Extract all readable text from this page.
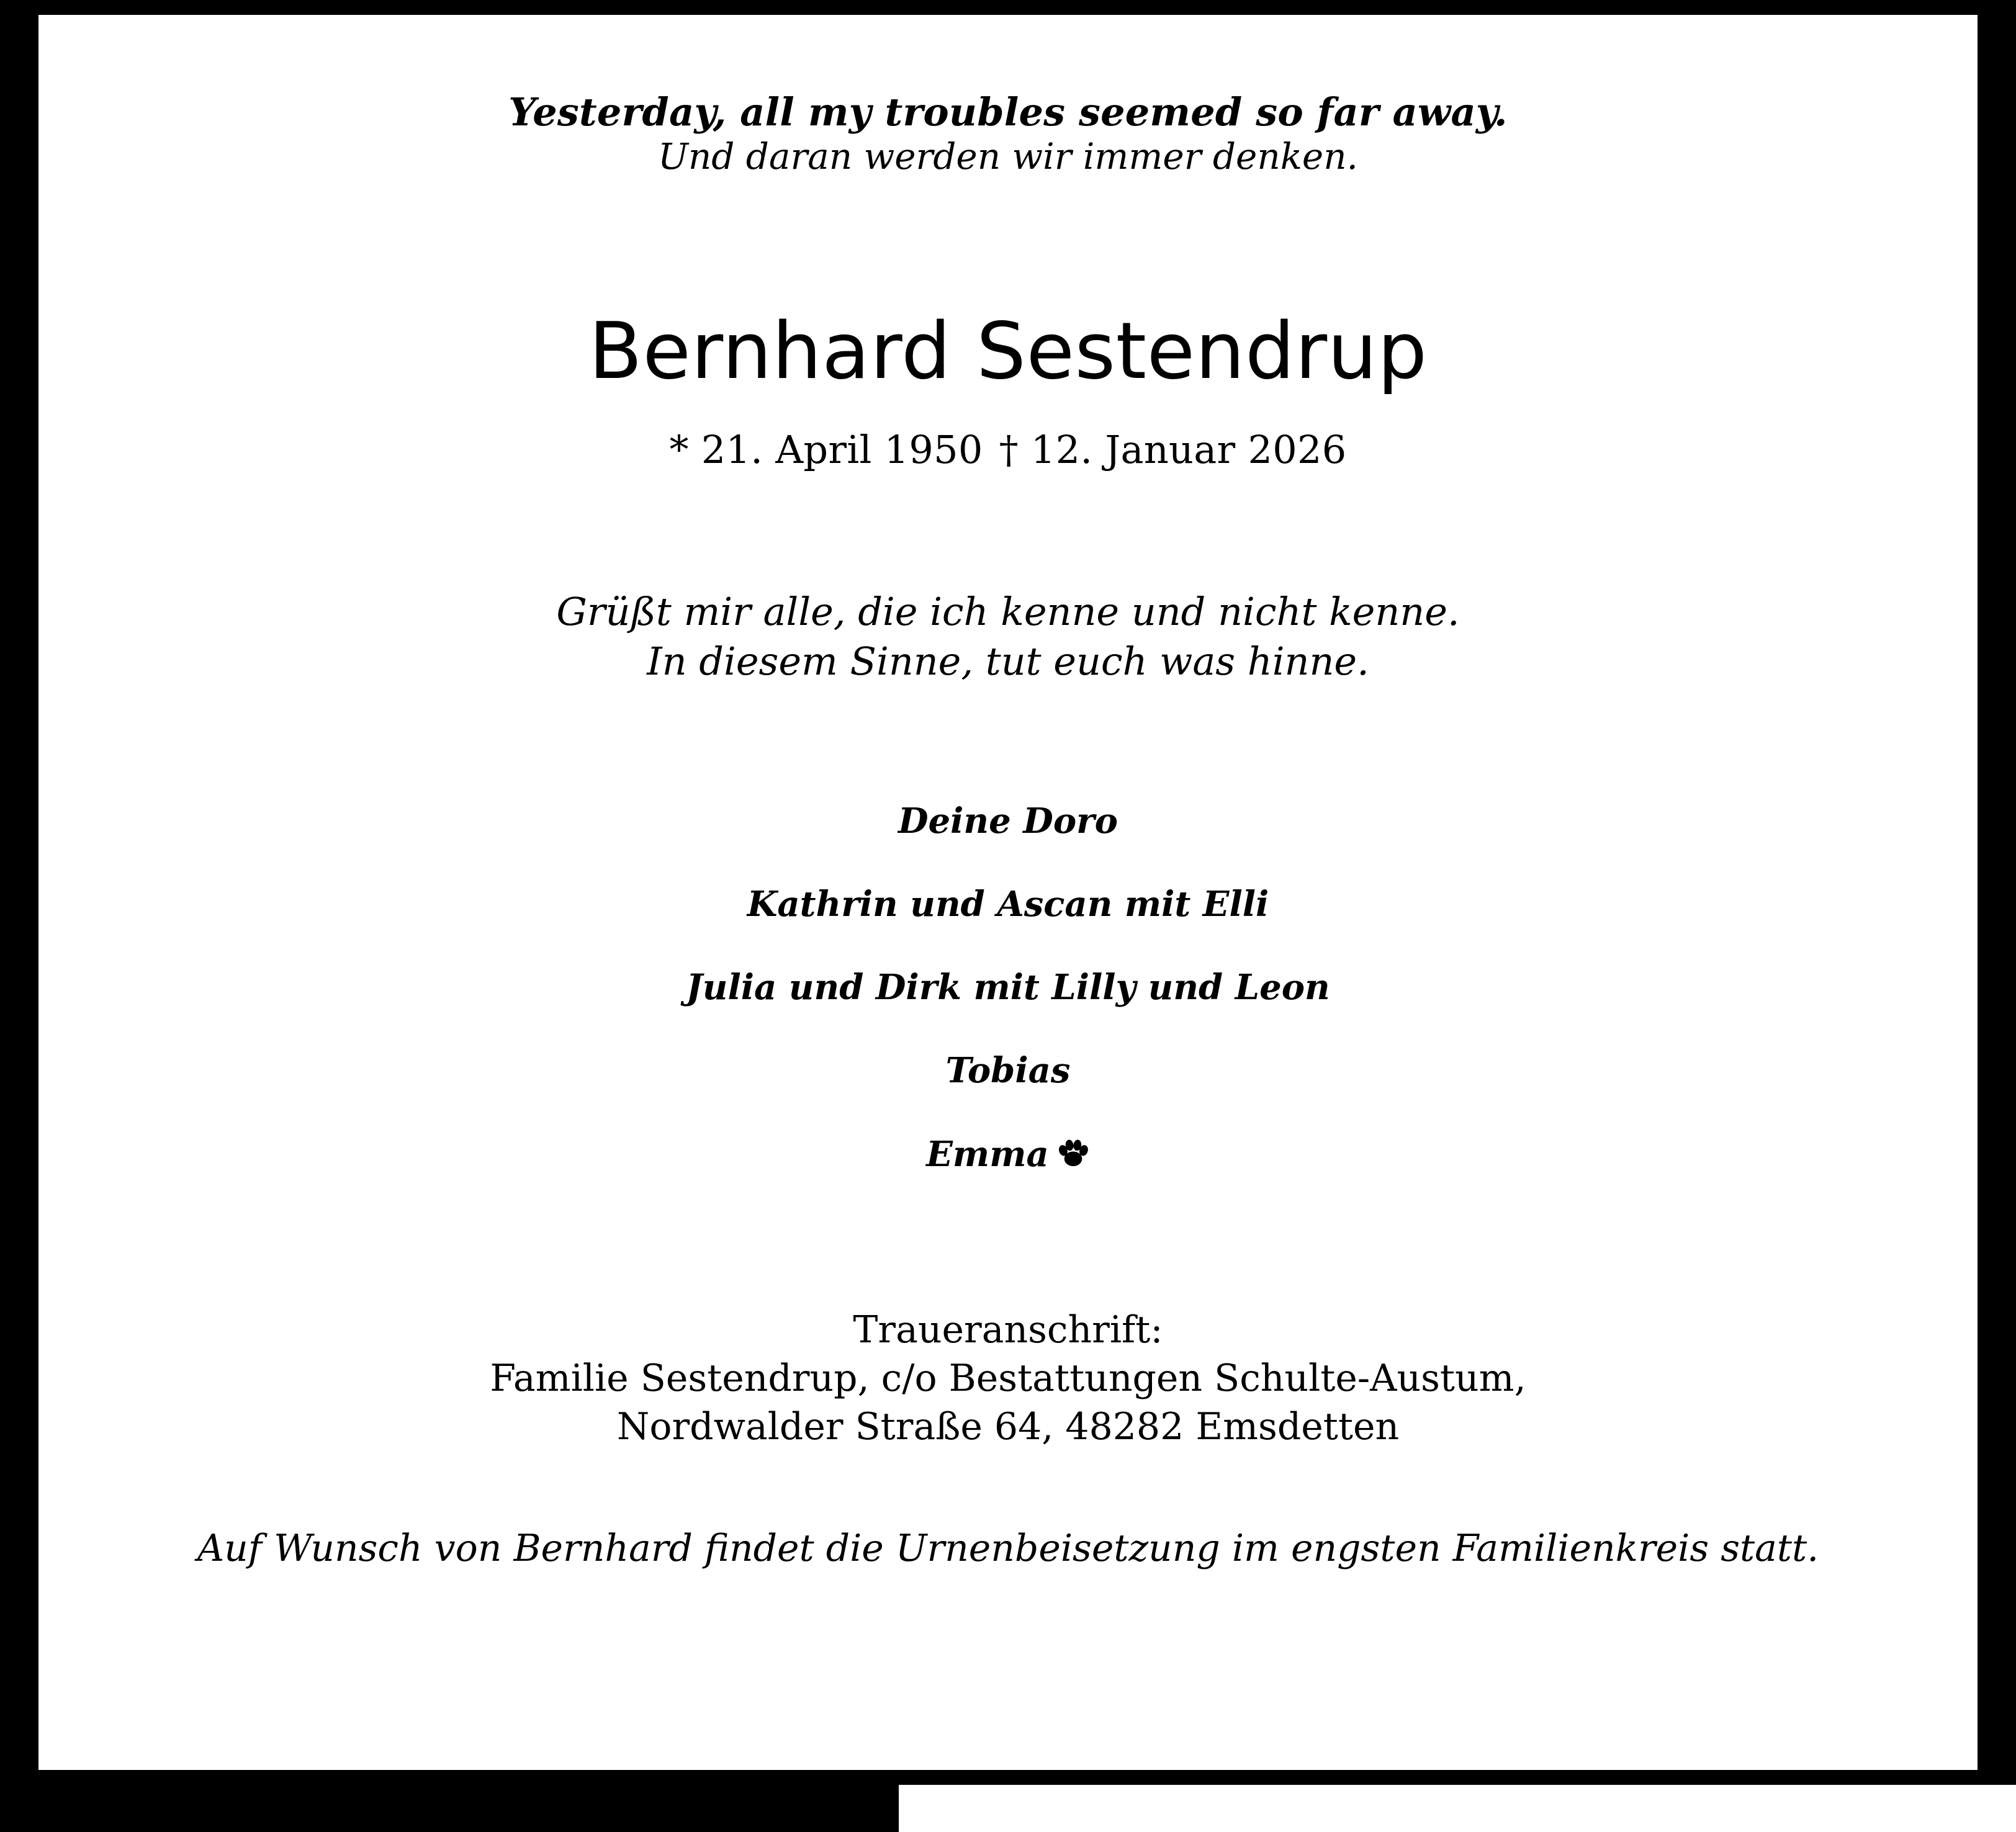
Yesterday, all my troubles seemed so far away.
Und daran werden wir immer denken.
Bernhard Sestendrup
* 21. April 1950 † 12. Januar 2026
Grüßt mir alle, die ich kenne und nicht kenne.
In diesem Sinne, tut euch was hinne.
Deine Doro
Kathrin und Ascan mit Elli
Julia und Dirk mit Lilly und Leon
Tobias
Emma
Traueranschrift:
Familie Sestendrup, c/o Bestattungen Schulte-Austum,
Nordwalder Straße 64, 48282 Emsdetten
Auf Wunsch von Bernhard findet die Urnenbeisetzung im engsten Familienkreis statt.
